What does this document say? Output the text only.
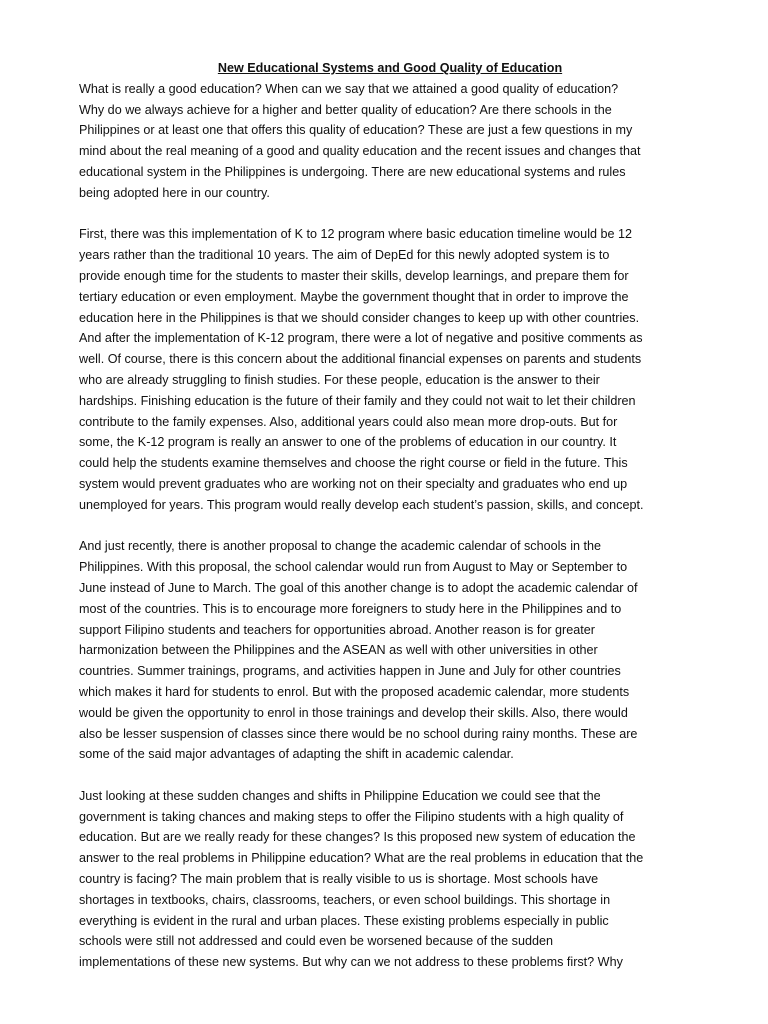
New Educational Systems and Good Quality of Education

What is really a good education? When can we say that we attained a good quality of education?
Why do we always achieve for a higher and better quality of education? Are there schools in the
Philippines or at least one that offers this quality of education? These are just a few questions in my
mind about the real meaning of a good and quality education and the recent issues and changes that
educational system in the Philippines is undergoing. There are new educational systems and rules
being adopted here in our country.

First, there was this implementation of K to 12 program where basic education timeline would be 12
years rather than the traditional 10 years. The aim of DepEd for this newly adopted system is to
provide enough time for the students to master their skills, develop learnings, and prepare them for
tertiary education or even employment. Maybe the government thought that in order to improve the
education here in the Philippines is that we should consider changes to keep up with other countries.
And after the implementation of K-12 program, there were a lot of negative and positive comments as
well. Of course, there is this concern about the additional financial expenses on parents and students
who are already struggling to finish studies. For these people, education is the answer to their
hardships. Finishing education is the future of their family and they could not wait to let their children
contribute to the family expenses. Also, additional years could also mean more drop-outs. But for
some, the K-12 program is really an answer to one of the problems of education in our country. It
could help the students examine themselves and choose the right course or field in the future. This
system would prevent graduates who are working not on their specialty and graduates who end up
unemployed for years. This program would really develop each student’s passion, skills, and concept.

And just recently, there is another proposal to change the academic calendar of schools in the
Philippines. With this proposal, the school calendar would run from August to May or September to
June instead of June to March. The goal of this another change is to adopt the academic calendar of
most of the countries. This is to encourage more foreigners to study here in the Philippines and to
support Filipino students and teachers for opportunities abroad. Another reason is for greater
harmonization between the Philippines and the ASEAN as well with other universities in other
countries. Summer trainings, programs, and activities happen in June and July for other countries
which makes it hard for students to enrol. But with the proposed academic calendar, more students
would be given the opportunity to enrol in those trainings and develop their skills. Also, there would
also be lesser suspension of classes since there would be no school during rainy months. These are
some of the said major advantages of adapting the shift in academic calendar.

Just looking at these sudden changes and shifts in Philippine Education we could see that the
government is taking chances and making steps to offer the Filipino students with a high quality of
education. But are we really ready for these changes? Is this proposed new system of education the
answer to the real problems in Philippine education? What are the real problems in education that the
country is facing? The main problem that is really visible to us is shortage. Most schools have
shortages in textbooks, chairs, classrooms, teachers, or even school buildings. This shortage in
everything is evident in the rural and urban places. These existing problems especially in public
schools were still not addressed and could even be worsened because of the sudden
implementations of these new systems. But why can we not address to these problems first? Why
